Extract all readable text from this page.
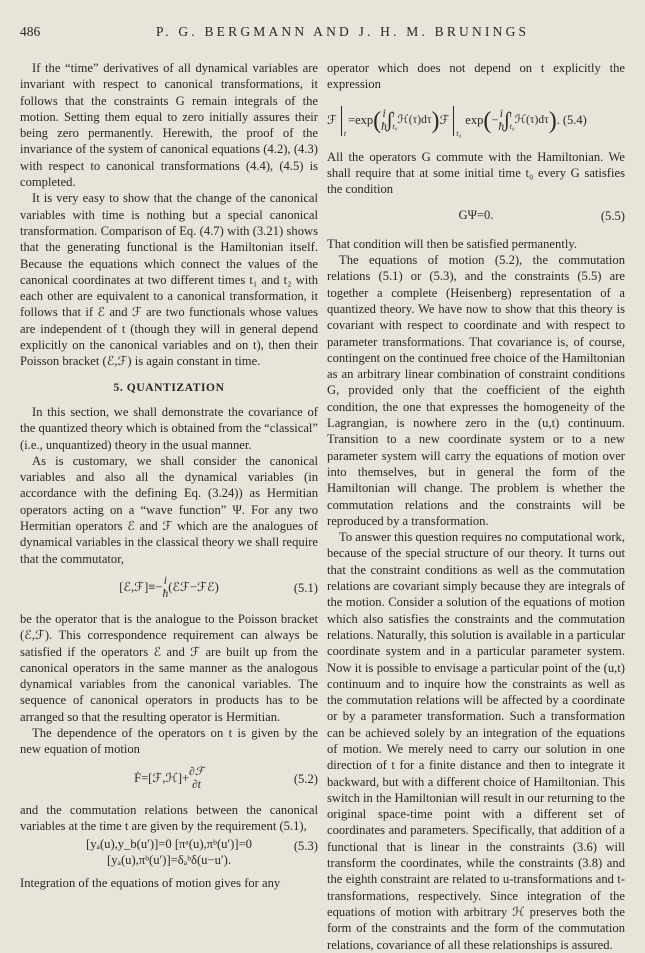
486	P. G. BERGMANN AND J. H. M. BRUNINGS

If the “time” derivatives of all dynamical variables are invariant with respect to canonical transformations, it follows that the constraints G remain integrals of the motion. Setting them equal to zero initially assures their being zero permanently. Herewith, the proof of the invariance of the system of canonical equations (4.2), (4.3) with respect to canonical transformations (4.4), (4.5) is completed.

It is very easy to show that the change of the canonical variables with time is nothing but a special canonical transformation. Comparison of Eq. (4.7) with (3.21) shows that the generating functional is the Hamiltonian itself. Because the equations which connect the values of the canonical coordinates at two different times t₁ and t₂ with each other are equivalent to a canonical transformation, it follows that if ℰ and ℱ are two functionals whose values are independent of t (though they will in general depend explicitly on the canonical variables and on t), then their Poisson bracket (ℰ,ℱ) is again constant in time.

5. QUANTIZATION

In this section, we shall demonstrate the covariance of the quantized theory which is obtained from the “classical” (i.e., unquantized) theory in the usual manner.

As is customary, we shall consider the canonical variables and also all the dynamical variables (in accordance with the defining Eq. (3.24)) as Hermitian operators acting on a “wave function” Ψ. For any two Hermitian operators ℰ and ℱ which are the analogues of dynamical variables in the classical theory we shall require that the commutator,

[ℰ,ℱ]≡− i
ħ
(ℰℱ−ℱℰ)	(5.1)

be the operator that is the analogue to the Poisson bracket (ℰ,ℱ). This correspondence requirement can always be satisfied if the operators ℰ and ℱ are built up from the canonical operators in the same manner as the analogous dynamical variables from the canonical variables. The sequence of canonical operators in products has to be arranged so that the resulting operator is Hermitian.

The dependence of the operators on t is given by the new equation of motion

Ḟ=[ℱ,ℋ]+ ∂ℱ
∂t	(5.2)

and the commutation relations between the canonical variables at the time t are given by the requirement (5.1),

[yₐ(u),y_b(u′)]=0 [πᵃ(u),πᵇ(u′)]=0
[yₐ(u),πᵇ(u′)]=δₐᵇδ(u−u′).
(5.3)

Integration of the equations of motion gives for any

operator which does not depend on t explicitly the expression

ℱ
t
=exp ( i
ħ ∫ t
t₀ ℋ(τ)dτ ) ℱ
t₀
exp ( − i
ħ ∫ t
t₀ ℋ(τ)dτ ) . (5.4)

All the operators G commute with the Hamiltonian. We shall require that at some initial time t₀ every G satisfies the condition

GΨ=0.	(5.5)

That condition will then be satisfied permanently.

The equations of motion (5.2), the commutation relations (5.1) or (5.3), and the constraints (5.5) are together a complete (Heisenberg) representation of a quantized theory. We have now to show that this theory is covariant with respect to coordinate and with respect to parameter transformations. That covariance is, of course, contingent on the continued free choice of the Hamiltonian as an arbitrary linear combination of constraint conditions G, provided only that the coefficient of the eighth condition, the one that expresses the homogeneity of the Lagrangian, is nowhere zero in the (u,t) continuum. Transition to a new coordinate system or to a new parameter system will carry the equations of motion over into themselves, but in general the form of the Hamiltonian will change. The problem is whether the commutation relations and the constraints will be reproduced by a transformation.

To answer this question requires no computational work, because of the special structure of our theory. It turns out that the constraint conditions as well as the commutation relations are covariant simply because they are integrals of the motion. Consider a solution of the equations of motion which also satisfies the constraints and the commutation relations. Naturally, this solution is available in a particular coordinate system and in a particular parameter system. Now it is possible to envisage a particular point of the (u,t) continuum and to inquire how the constraints as well as the commutation relations will be affected by a coordinate or by a parameter transformation. Such a transformation can be achieved solely by an integration of the equations of motion. We merely need to carry our solution in one direction of t for a finite distance and then to integrate it backward, but with a different choice of Hamiltonian. This switch in the Hamiltonian will result in our returning to the original space-time point with a different set of coordinates and parameters. Specifically, that addition of a functional that is linear in the constraints (3.6) will transform the coordinates, while the constraints (3.8) and the eighth constraint are related to u-transformations and t-transformations, respectively. Since integration of the equations of motion with arbitrary ℋ preserves both the form of the constraints and the form of the commutation relations, covariance of all these relationships is assured.
